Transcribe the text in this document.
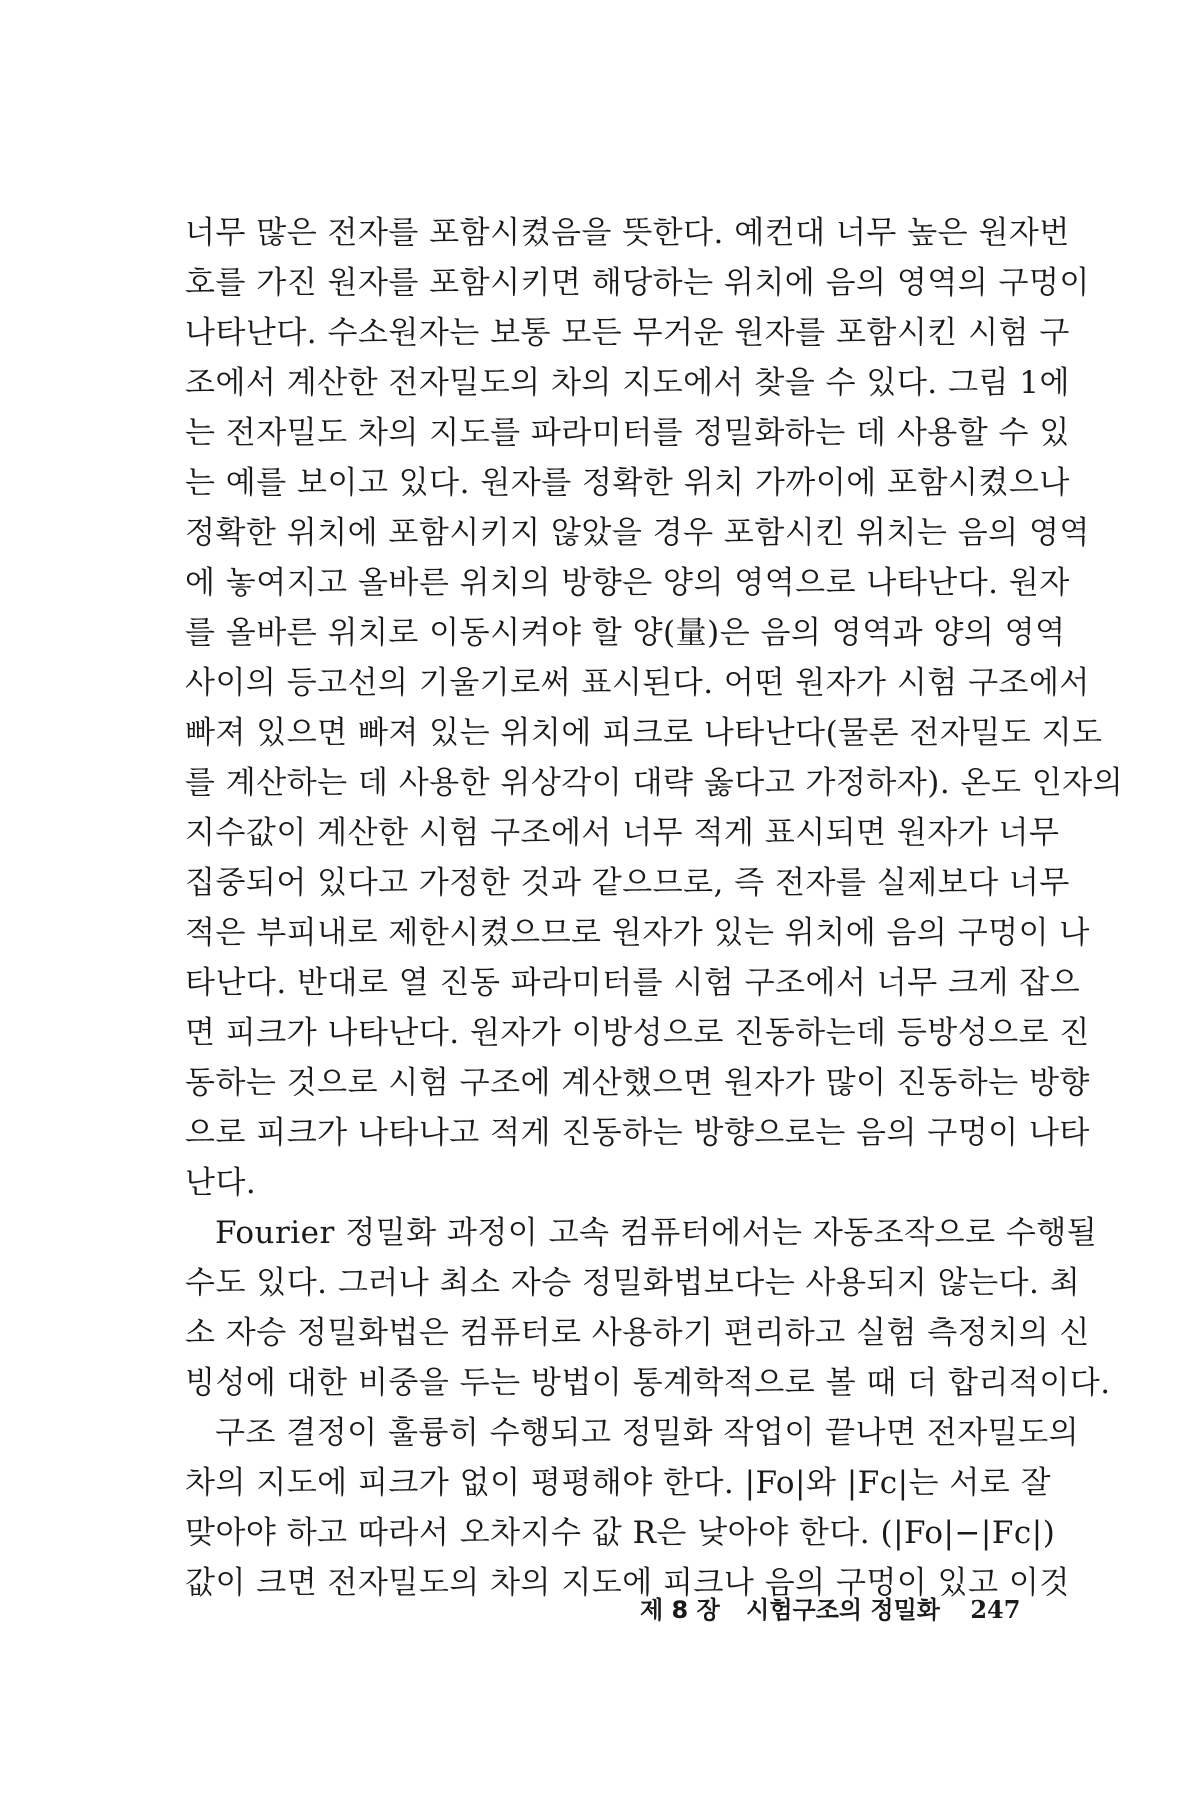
너무 많은 전자를 포함시켰음을 뜻한다. 예컨대 너무 높은 원자번
호를 가진 원자를 포함시키면 해당하는 위치에 음의 영역의 구멍이
나타난다. 수소원자는 보통 모든 무거운 원자를 포함시킨 시험 구
조에서 계산한 전자밀도의 차의 지도에서 찾을 수 있다. 그림 1에
는 전자밀도 차의 지도를 파라미터를 정밀화하는 데 사용할 수 있
는 예를 보이고 있다. 원자를 정확한 위치 가까이에 포함시켰으나
정확한 위치에 포함시키지 않았을 경우 포함시킨 위치는 음의 영역
에 놓여지고 올바른 위치의 방향은 양의 영역으로 나타난다. 원자
를 올바른 위치로 이동시켜야 할 양(量)은 음의 영역과 양의 영역
사이의 등고선의 기울기로써 표시된다. 어떤 원자가 시험 구조에서
빠져 있으면 빠져 있는 위치에 피크로 나타난다(물론 전자밀도 지도
를 계산하는 데 사용한 위상각이 대략 옳다고 가정하자). 온도 인자의
지수값이 계산한 시험 구조에서 너무 적게 표시되면 원자가 너무
집중되어 있다고 가정한 것과 같으므로, 즉 전자를 실제보다 너무
적은 부피내로 제한시켰으므로 원자가 있는 위치에 음의 구멍이 나
타난다. 반대로 열 진동 파라미터를 시험 구조에서 너무 크게 잡으
면 피크가 나타난다. 원자가 이방성으로 진동하는데 등방성으로 진
동하는 것으로 시험 구조에 계산했으면 원자가 많이 진동하는 방향
으로 피크가 나타나고 적게 진동하는 방향으로는 음의 구멍이 나타
난다.
Fourier 정밀화 과정이 고속 컴퓨터에서는 자동조작으로 수행될
수도 있다. 그러나 최소 자승 정밀화법보다는 사용되지 않는다. 최
소 자승 정밀화법은 컴퓨터로 사용하기 편리하고 실험 측정치의 신
빙성에 대한 비중을 두는 방법이 통계학적으로 볼 때 더 합리적이다.
구조 결정이 훌륭히 수행되고 정밀화 작업이 끝나면 전자밀도의
차의 지도에 피크가 없이 평평해야 한다. |Fo|와 |Fc|는 서로 잘
맞아야 하고 따라서 오차지수 값 R은 낮아야 한다. (|Fo|−|Fc|)
값이 크면 전자밀도의 차의 지도에 피크나 음의 구멍이 있고 이것
제 8 장 시험구조의 정밀화 247
